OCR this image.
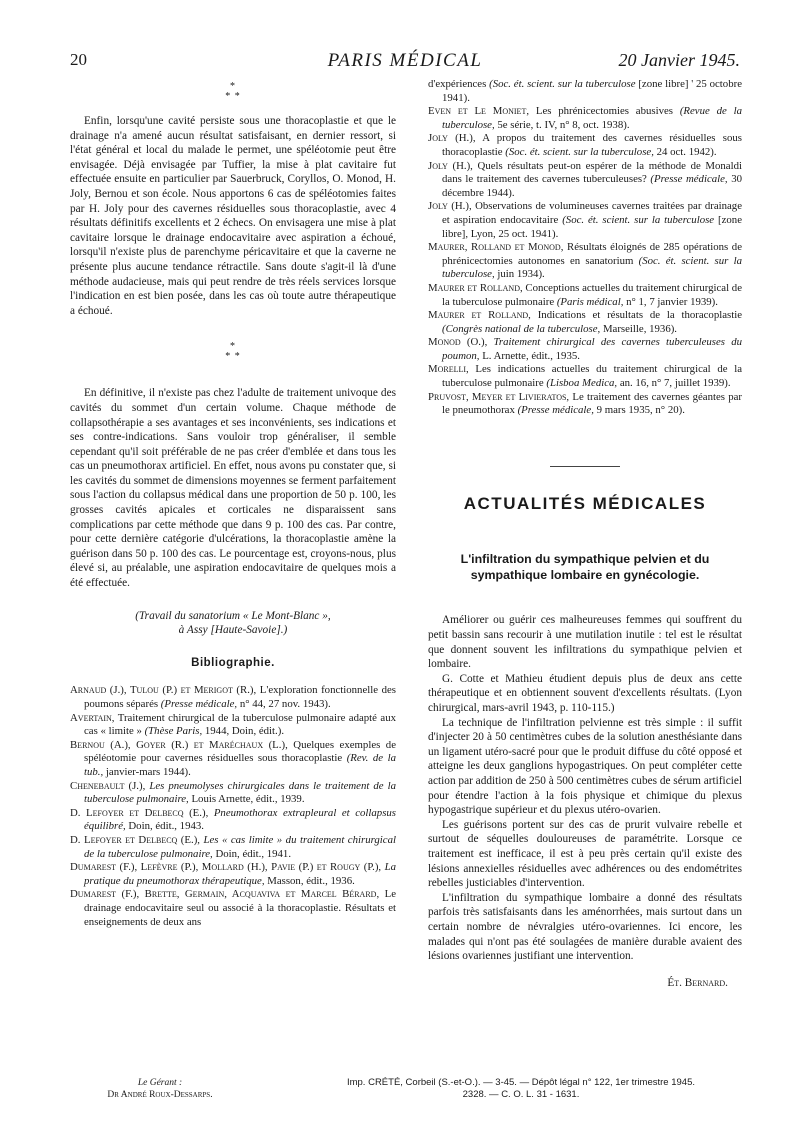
20	PARIS MÉDICAL	20 Janvier 1945.
*
* *

Enfin, lorsqu'une cavité persiste sous une thoracoplastie et que le drainage n'a amené aucun résultat satisfaisant, en dernier ressort, si l'état général et local du malade le permet, une spéléotomie peut être envisagée. Déjà envisagée par Tuffier, la mise à plat cavitaire fut effectuée ensuite en particulier par Sauerbruck, Coryllos, O. Monod, H. Joly, Bernou et son école. Nous apportons 6 cas de spéléotomies faites par H. Joly pour des cavernes résiduelles sous thoracoplastie, avec 4 résultats définitifs excellents et 2 échecs. On envisagera une mise à plat cavitaire lorsque le drainage endocavitaire avec aspiration a échoué, lorsqu'il n'existe plus de parenchyme péricavitaire et que la caverne ne présente plus aucune tendance rétractile. Sans doute s'agit-il là d'une méthode audacieuse, mais qui peut rendre de très réels services lorsque l'indication en est bien posée, dans les cas où toute autre thérapeutique a échoué.

*
* *

En définitive, il n'existe pas chez l'adulte de traitement univoque des cavités du sommet d'un certain volume. Chaque méthode de collapsothérapie a ses avantages et ses inconvénients, ses indications et ses contre-indications. Sans vouloir trop généraliser, il semble cependant qu'il soit préférable de ne pas créer d'emblée et dans tous les cas un pneumothorax artificiel. En effet, nous avons pu constater que, si les cavités du sommet de dimensions moyennes se ferment parfaitement sous l'action du collapsus médical dans une proportion de 50 p. 100, les grosses cavités apicales et corticales ne disparaissent sans complications par cette méthode que dans 9 p. 100 des cas. Par contre, pour cette dernière catégorie d'ulcérations, la thoracoplastie amène la guérison dans 50 p. 100 des cas. Le pourcentage est, croyons-nous, plus élevé si, au préalable, une aspiration endocavitaire de quelques mois a été effectuée.

(Travail du sanatorium « Le Mont-Blanc »,

à Assy [Haute-Savoie].)

Bibliographie.

Arnaud (J.), Tulou (P.) et Merigot (R.), L'exploration fonctionnelle des poumons séparés (Presse médicale, n° 44, 27 nov. 1943).

Avertain, Traitement chirurgical de la tuberculose pulmonaire adapté aux cas « limite » (Thèse Paris, 1944, Doin, édit.).

Bernou (A.), Goyer (R.) et Maréchaux (L.), Quelques exemples de spéléotomie pour cavernes résiduelles sous thoracoplastie (Rev. de la tub., janvier-mars 1944).

Chenebault (J.), Les pneumolyses chirurgicales dans le traitement de la tuberculose pulmonaire, Louis Arnette, édit., 1939.

D. Lefoyer et Delbecq (E.), Pneumothorax extrapleural et collapsus équilibré, Doin, édit., 1943.

D. Lefoyer et Delbecq (E.), Les « cas limite » du traitement chirurgical de la tuberculose pulmonaire, Doin, édit., 1941.

Dumarest (F.), Lefèvre (P.), Mollard (H.), Pavie (P.) et Rougy (P.), La pratique du pneumothorax thérapeutique, Masson, édit., 1936.

Dumarest (F.), Brette, Germain, Acquaviva et Marcel Bérard, Le drainage endocavitaire seul ou associé à la thoracoplastie. Résultats et enseignements de deux ans

d'expériences (Soc. ét. scient. sur la tuberculose [zone libre] ' 25 octobre 1941).

Even et Le Moniet, Les phrénicectomies abusives (Revue de la tuberculose, 5e série, t. IV, n° 8, oct. 1938).

Joly (H.), A propos du traitement des cavernes résiduelles sous thoracoplastie (Soc. ét. scient. sur la tuberculose, 24 oct. 1942).

Joly (H.), Quels résultats peut-on espérer de la méthode de Monaldi dans le traitement des cavernes tuberculeuses? (Presse médicale, 30 décembre 1944).

Joly (H.), Observations de volumineuses cavernes traitées par drainage et aspiration endocavitaire (Soc. ét. scient. sur la tuberculose [zone libre], Lyon, 25 oct. 1941).

Maurer, Rolland et Monod, Résultats éloignés de 285 opérations de phrénicectomies autonomes en sanatorium (Soc. ét. scient. sur la tuberculose, juin 1934).

Maurer et Rolland, Conceptions actuelles du traitement chirurgical de la tuberculose pulmonaire (Paris médical, n° 1, 7 janvier 1939).

Maurer et Rolland, Indications et résultats de la thoracoplastie (Congrès national de la tuberculose, Marseille, 1936).

Monod (O.), Traitement chirurgical des cavernes tuberculeuses du poumon, L. Arnette, édit., 1935.

Morelli, Les indications actuelles du traitement chirurgical de la tuberculose pulmonaire (Lisboa Medica, an. 16, n° 7, juillet 1939).

Pruvost, Meyer et Livieratos, Le traitement des cavernes géantes par le pneumothorax (Presse médicale, 9 mars 1935, n° 20).

ACTUALITÉS MÉDICALES
L'infiltration du sympathique pelvien et du sympathique lombaire en gynécologie.

Améliorer ou guérir ces malheureuses femmes qui souffrent du petit bassin sans recourir à une mutilation inutile : tel est le résultat que donnent souvent les infiltrations du sympathique pelvien et lombaire.

G. Cotte et Mathieu étudient depuis plus de deux ans cette thérapeutique et en obtiennent souvent d'excellents résultats. (Lyon chirurgical, mars-avril 1943, p. 110-115.)

La technique de l'infiltration pelvienne est très simple : il suffit d'injecter 20 à 50 centimètres cubes de la solution anesthésiante dans un ligament utéro-sacré pour que le produit diffuse du côté opposé et atteigne les deux ganglions hypogastriques. On peut compléter cette action par addition de 250 à 500 centimètres cubes de sérum artificiel pour étendre l'action à la fois physique et chimique du plexus hypogastrique supérieur et du plexus utéro-ovarien.

Les guérisons portent sur des cas de prurit vulvaire rebelle et surtout de séquelles douloureuses de paramétrite. Lorsque ce traitement est inefficace, il est à peu près certain qu'il existe des lésions annexielles résiduelles avec adhérences ou des endométrites rebelles justiciables d'intervention.

L'infiltration du sympathique lombaire a donné des résultats parfois très satisfaisants dans les aménorrhées, mais surtout dans un certain nombre de névralgies utéro-ovariennes. Ici encore, les malades qui n'ont pas été soulagées de manière durable avaient des lésions ovariennes justifiant une intervention.

Ét. Bernard.
Le Gérant :
Dr André Roux-Dessarps.
Imp. CRÉTÉ, Corbeil (S.-et-O.). — 3-45. — Dépôt légal n° 122, 1er trimestre 1945.
2328. — C. O. L. 31 - 1631.
